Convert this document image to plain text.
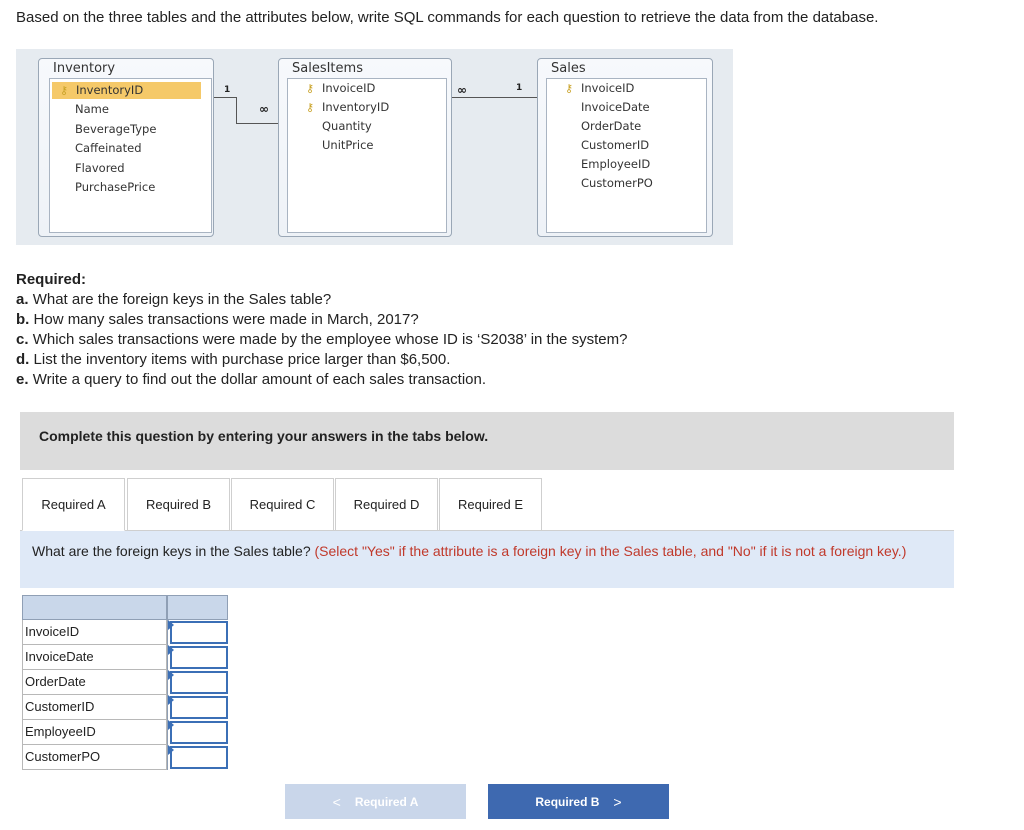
Based on the three tables and the attributes below, write SQL commands for each question to retrieve the data from the database.
Inventory
⚷ InventoryID
Name
BeverageType
Caffeinated
Flavored
PurchasePrice
SalesItems
⚷ InvoiceID
⚷ InventoryID
Quantity
UnitPrice
Sales
⚷ InvoiceID
InvoiceDate
OrderDate
CustomerID
EmployeeID
CustomerPO
1
∞
∞	1
Required:
a. What are the foreign keys in the Sales table?
b. How many sales transactions were made in March, 2017?
c. Which sales transactions were made by the employee whose ID is ‘S2038’ in the system?
d. List the inventory items with purchase price larger than $6,500.
e. Write a query to find out the dollar amount of each sales transaction.
Complete this question by entering your answers in the tabs below.
Required A	Required B	Required C	Required D	Required E
What are the foreign keys in the Sales table? (Select "Yes" if the attribute is a foreign key in the Sales table, and "No" if it is not a foreign key.)
InvoiceID
InvoiceDate
OrderDate
CustomerID
EmployeeID
CustomerPO
< Required A	Required B >
